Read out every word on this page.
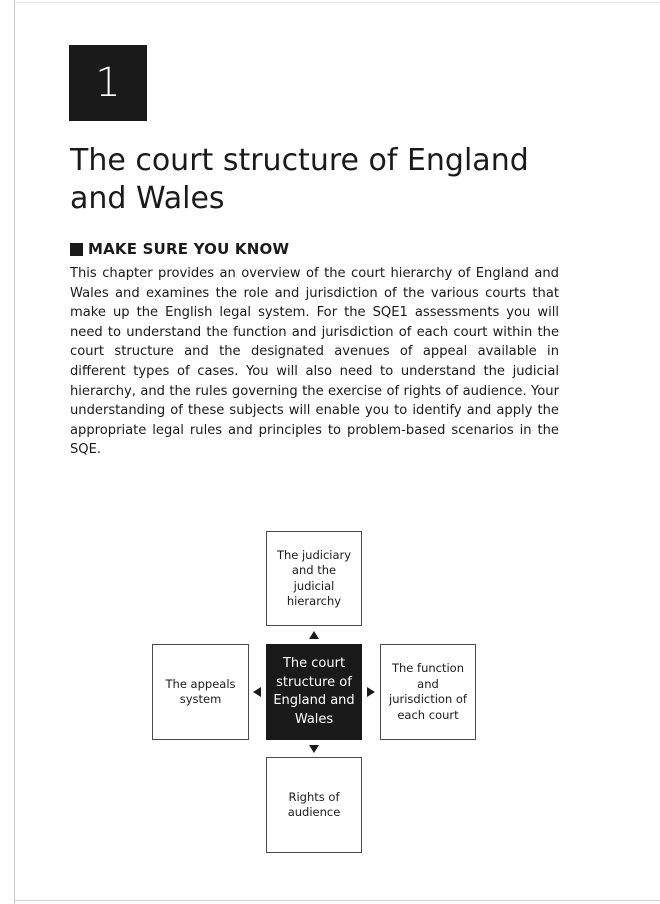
1
The court structure of England
and Wales
MAKE SURE YOU KNOW

This chapter provides an overview of the court hierarchy of England and Wales and examines the role and jurisdiction of the various courts that make up the English legal system. For the SQE1 assessments you will need to understand the function and jurisdiction of each court within the court structure and the designated avenues of appeal available in different types of cases. You will also need to understand the judicial hierarchy, and the rules governing the exercise of rights of audience. Your understanding of these subjects will enable you to identify and apply the appropriate legal rules and principles to problem-based scenarios in the SQE.

The judiciary and the judicial hierarchy
The appeals system
The court structure of England and Wales
The function and jurisdiction of each court
Rights of audience
